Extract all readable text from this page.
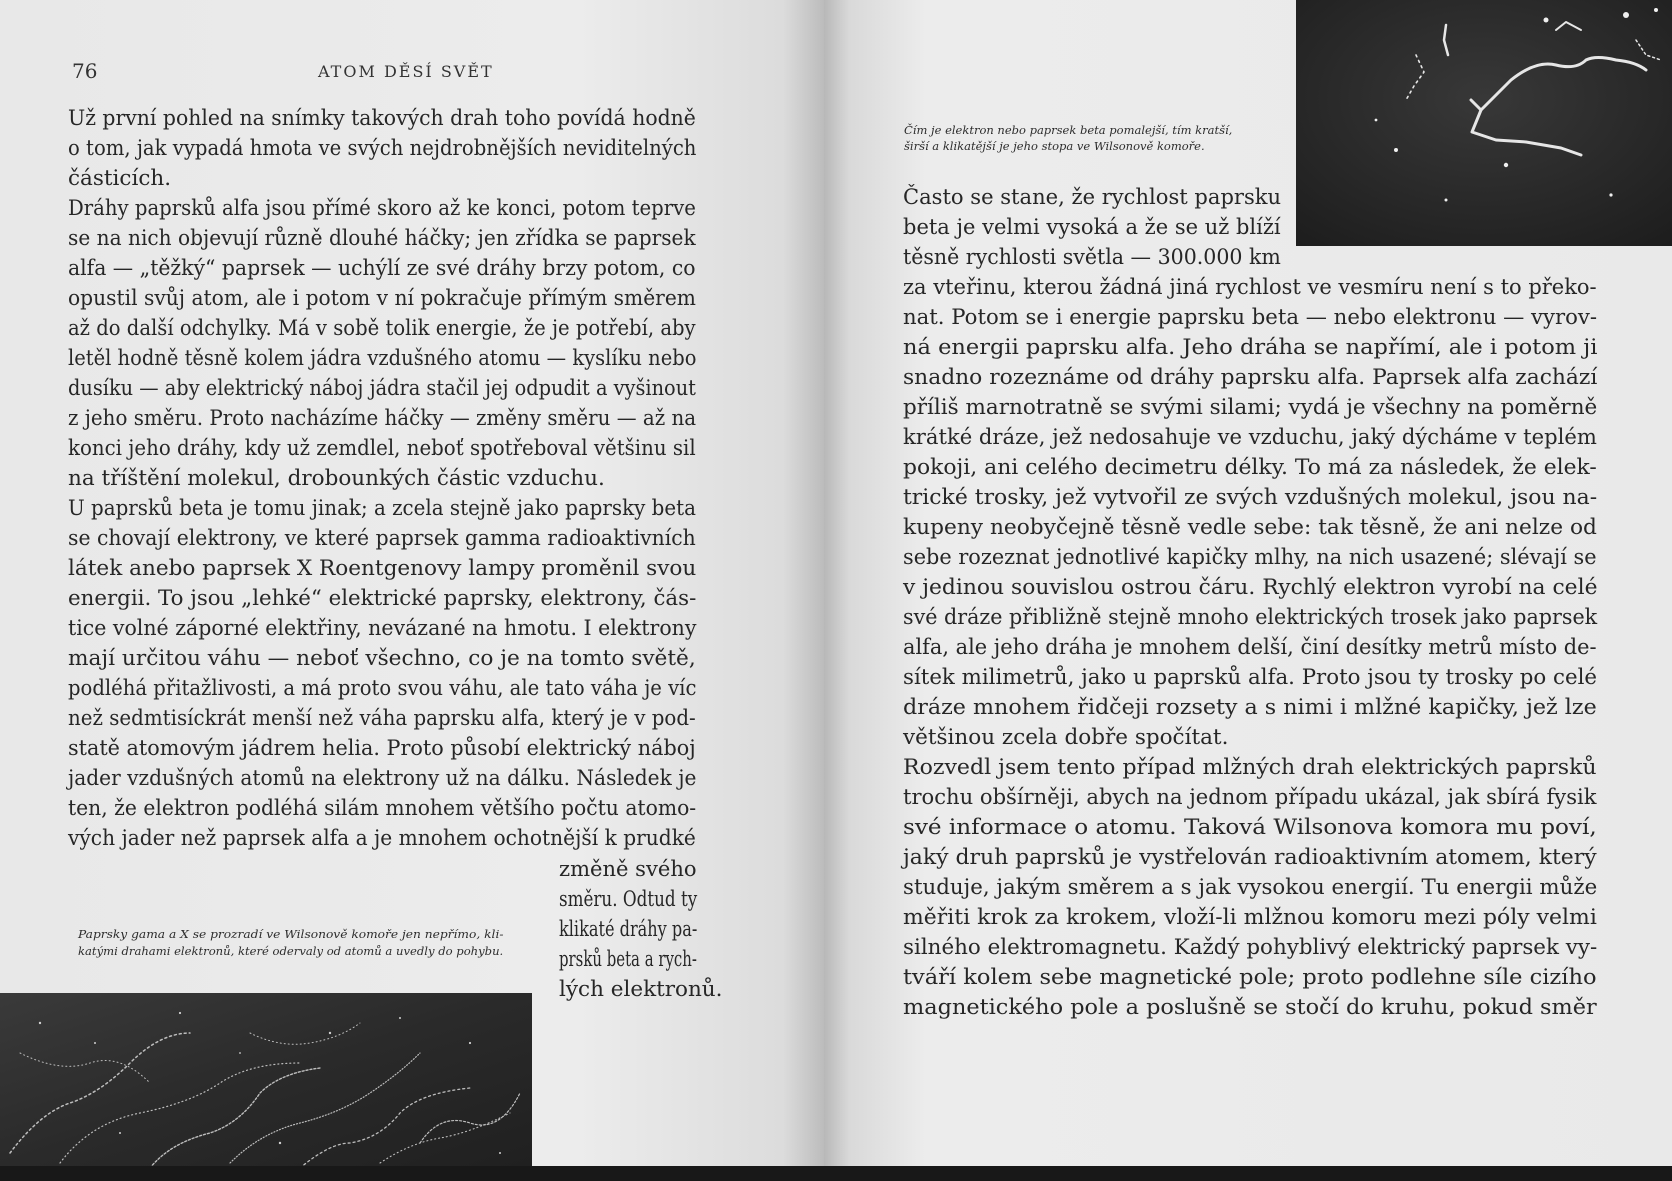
76	ATOM DĚSÍ SVĚT
Už první pohled na snímky takových drah toho povídá hodně
o tom, jak vypadá hmota ve svých nejdrobnějších neviditelných
částicích.
Dráhy paprsků alfa jsou přímé skoro až ke konci, potom teprve
se na nich objevují různě dlouhé háčky; jen zřídka se paprsek
alfa — „těžký“ paprsek — uchýlí ze své dráhy brzy potom, co
opustil svůj atom, ale i potom v ní pokračuje přímým směrem
až do další odchylky. Má v sobě tolik energie, že je potřebí, aby
letěl hodně těsně kolem jádra vzdušného atomu — kyslíku nebo
dusíku — aby elektrický náboj jádra stačil jej odpudit a vyšinout
z jeho směru. Proto nacházíme háčky — změny směru — až na
konci jeho dráhy, kdy už zemdlel, neboť spotřeboval většinu sil
na tříštění molekul, drobounkých částic vzduchu.
U paprsků beta je tomu jinak; a zcela stejně jako paprsky beta
se chovají elektrony, ve které paprsek gamma radioaktivních
látek anebo paprsek X Roentgenovy lampy proměnil svou
energii. To jsou „lehké“ elektrické paprsky, elektrony, čás-
tice volné záporné elektřiny, nevázané na hmotu. I elektrony
mají určitou váhu — neboť všechno, co je na tomto světě,
podléhá přitažlivosti, a má proto svou váhu, ale tato váha je víc
než sedmtisíckrát menší než váha paprsku alfa, který je v pod-
statě atomovým jádrem helia. Proto působí elektrický náboj
jader vzdušných atomů na elektrony už na dálku. Následek je
ten, že elektron podléhá silám mnohem většího počtu atomo-
vých jader než paprsek alfa a je mnohem ochotnější k prudké
změně svého
směru. Odtud ty
klikaté dráhy pa-
prsků beta a rych-
lých elektronů.
Paprsky gama a X se prozradí ve Wilsonově komoře jen nepřímo, kli-
katými drahami elektronů, které odervaly od atomů a uvedly do pohybu.
Čím je elektron nebo paprsek beta pomalejší, tím kratší,
širší a klikatější je jeho stopa ve Wilsonově komoře.
Často se stane, že rychlost paprsku
beta je velmi vysoká a že se už blíží
těsně rychlosti světla — 300.000 km
za vteřinu, kterou žádná jiná rychlost ve vesmíru není s to překo-
nat. Potom se i energie paprsku beta — nebo elektronu — vyrov-
ná energii paprsku alfa. Jeho dráha se napřímí, ale i potom ji
snadno rozeznáme od dráhy paprsku alfa. Paprsek alfa zachází
příliš marnotratně se svými silami; vydá je všechny na poměrně
krátké dráze, jež nedosahuje ve vzduchu, jaký dýcháme v teplém
pokoji, ani celého decimetru délky. To má za následek, že elek-
trické trosky, jež vytvořil ze svých vzdušných molekul, jsou na-
kupeny neobyčejně těsně vedle sebe: tak těsně, že ani nelze od
sebe rozeznat jednotlivé kapičky mlhy, na nich usazené; slévají se
v jedinou souvislou ostrou čáru. Rychlý elektron vyrobí na celé
své dráze přibližně stejně mnoho elektrických trosek jako paprsek
alfa, ale jeho dráha je mnohem delší, činí desítky metrů místo de-
sítek milimetrů, jako u paprsků alfa. Proto jsou ty trosky po celé
dráze mnohem řidčeji rozsety a s nimi i mlžné kapičky, jež lze
většinou zcela dobře spočítat.
Rozvedl jsem tento případ mlžných drah elektrických paprsků
trochu obšírněji, abych na jednom případu ukázal, jak sbírá fysik
své informace o atomu. Taková Wilsonova komora mu poví,
jaký druh paprsků je vystřelován radioaktivním atomem, který
studuje, jakým směrem a s jak vysokou energií. Tu energii může
měřiti krok za krokem, vloží-li mlžnou komoru mezi póly velmi
silného elektromagnetu. Každý pohyblivý elektrický paprsek vy-
tváří kolem sebe magnetické pole; proto podlehne síle cizího
magnetického pole a poslušně se stočí do kruhu, pokud směr
